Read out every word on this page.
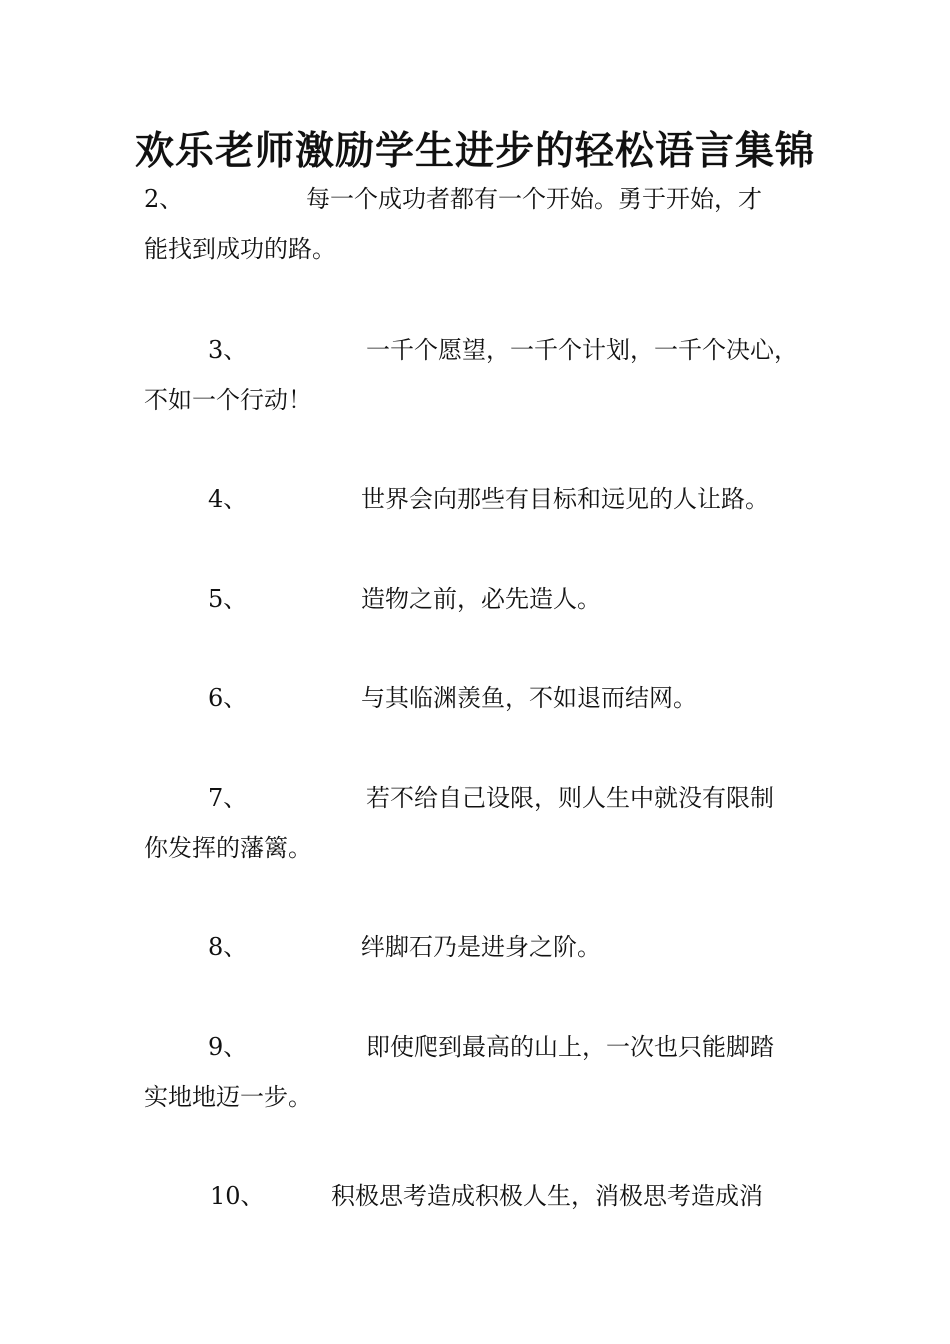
欢乐老师激励学生进步的轻松语言集锦
2、	每一个成功者都有一个开始。勇于开始，才
能找到成功的路。
3、	一千个愿望，一千个计划，一千个决心，
不如一个行动！
4、	世界会向那些有目标和远见的人让路。
5、	造物之前，必先造人。
6、	与其临渊羡鱼，不如退而结网。
7、	若不给自己设限，则人生中就没有限制
你发挥的藩篱。
8、	绊脚石乃是进身之阶。
9、	即使爬到最高的山上，一次也只能脚踏
实地地迈一步。
10、	积极思考造成积极人生，消极思考造成消
